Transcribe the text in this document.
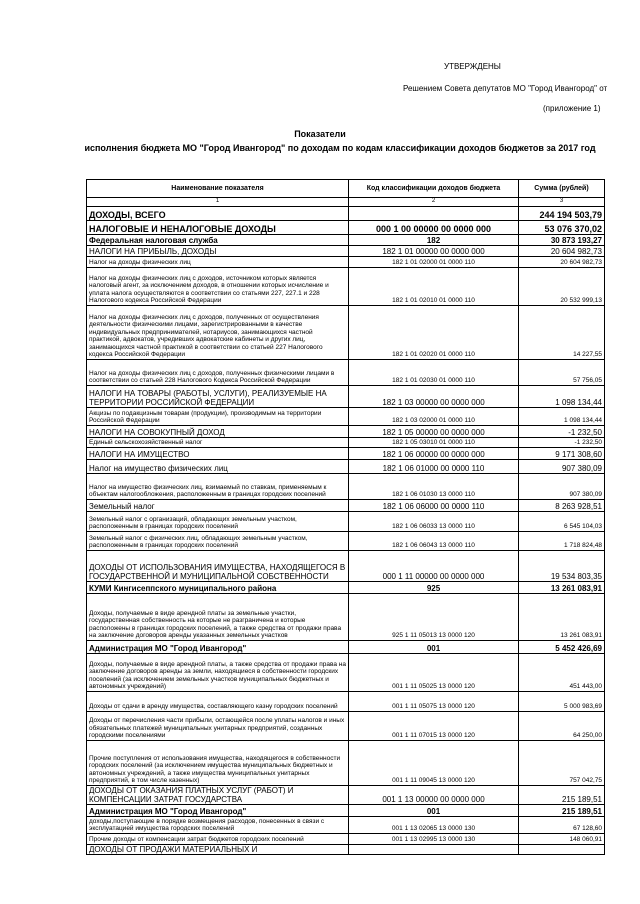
УТВЕРЖДЕНЫ
Решением Совета депутатов МО "Город Ивангород" от
(приложение 1)
Показатели
исполнения бюджета МО "Город Ивангород" по доходам по кодам классификации доходов бюджетов за 2017 год
Наименование показателя	Код классификации доходов бюджета	Сумма (рублей)
1	2	3
ДОХОДЫ, ВСЕГО		244 194 503,79
НАЛОГОВЫЕ И НЕНАЛОГОВЫЕ ДОХОДЫ	000 1 00 00000 00 0000 000	53 076 370,02
Федеральная налоговая служба	182	30 873 193,27
НАЛОГИ НА ПРИБЫЛЬ, ДОХОДЫ	182 1 01 00000 00 0000 000	20 604 982,73
Налог на доходы физических лиц	182 1 01 02000 01 0000 110	20 604 982,73
Налог на доходы физических лиц с доходов, источником которых является налоговый агент, за исключением доходов, в отношении которых исчисление и уплата налога осуществляются в соответствии со статьями 227, 227.1 и 228 Налогового кодекса Российской Федерации	182 1 01 02010 01 0000 110	20 532 999,13
Налог на доходы физических лиц с доходов, полученных от осуществления деятельности физическими лицами, зарегистрированными в качестве индивидуальных предпринимателей, нотариусов, занимающихся частной практикой, адвокатов, учредивших адвокатские кабинеты и других лиц, занимающихся частной практикой в соответствии со статьей 227 Налогового кодекса Российской Федерации	182 1 01 02020 01 0000 110	14 227,55
Налог на доходы физических лиц с доходов, полученных физическими лицами в соответствии со статьей 228 Налогового Кодекса Российской Федерации	182 1 01 02030 01 0000 110	57 756,05
НАЛОГИ НА ТОВАРЫ (РАБОТЫ, УСЛУГИ), РЕАЛИЗУЕМЫЕ НА ТЕРРИТОРИИ РОССИЙСКОЙ ФЕДЕРАЦИИ	182 1 03 00000 00 0000 000	1 098 134,44
Акцизы по подакцизным товарам (продукции), производимым на территории Российской Федерации	182 1 03 02000 01 0000 110	1 098 134,44
НАЛОГИ НА СОВОКУПНЫЙ ДОХОД	182 1 05 00000 00 0000 000	-1 232,50
Единый сельскохозяйственный налог	182 1 05 03010 01 0000 110	-1 232,50
НАЛОГИ НА ИМУЩЕСТВО	182 1 06 00000 00 0000 000	9 171 308,60
Налог на имущество физических лиц	182 1 06 01000 00 0000 110	907 380,09
Налог на имущество физических лиц, взимаемый по ставкам, применяемым к объектам налогообложения, расположенным в границах городских поселений	182 1 06 01030 13 0000 110	907 380,09
Земельный налог	182 1 06 06000 00 0000 110	8 263 928,51
Земельный налог с организаций, обладающих земельным участком, расположенным в границах городских поселений	182 1 06 06033 13 0000 110	6 545 104,03
Земельный налог с физических лиц, обладающих земельным участком, расположенным в границах городских поселений	182 1 06 06043 13 0000 110	1 718 824,48
ДОХОДЫ ОТ ИСПОЛЬЗОВАНИЯ ИМУЩЕСТВА, НАХОДЯЩЕГОСЯ В ГОСУДАРСТВЕННОЙ И МУНИЦИПАЛЬНОЙ СОБСТВЕННОСТИ	000 1 11 00000 00 0000 000	19 534 803,35
КУМИ Кингисеппского муниципального района	925	13 261 083,91
Доходы, получаемые в виде арендной платы за земельные участки, государственная собственность на которые не разграничена и которые расположены в границах городских поселений, а также средства от продажи права на заключение договоров аренды указанных земельных участков	925 1 11 05013 13 0000 120	13 261 083,91
Администрация МО "Город Ивангород"	001	5 452 426,69
Доходы, получаемые в виде арендной платы, а также средства от продажи права на заключение договоров аренды за земли, находящиеся в собственности городских поселений (за исключением земельных участков муниципальных бюджетных и автономных учреждений)	001 1 11 05025 13 0000 120	451 443,00
Доходы от сдачи в аренду имущества, составляющего казну городских поселений	001 1 11 05075 13 0000 120	5 000 983,69
Доходы от перечисления части прибыли, остающейся после уплаты налогов и иных обязательных платежей муниципальных унитарных предприятий, созданных городскими поселениями	001 1 11 07015 13 0000 120	64 250,00
Прочие поступления от использования имущества, находящегося в собственности городских поселений (за исключением имущества муниципальных бюджетных и автономных учреждений, а также имущества муниципальных унитарных предприятий, в том числе казенных)	001 1 11 09045 13 0000 120	757 042,75
ДОХОДЫ ОТ ОКАЗАНИЯ ПЛАТНЫХ УСЛУГ (РАБОТ) И КОМПЕНСАЦИИ ЗАТРАТ ГОСУДАРСТВА	001 1 13 00000 00 0000 000	215 189,51
Администрация МО "Город Ивангород"	001	215 189,51
доходы,поступающие в порядке возмещения расходов, понесенных в связи с эксплуатацией имущества городских поселений	001 1 13 02065 13 0000 130	67 128,60
Прочие доходы от компенсации затрат бюджетов городских поселений	001 1 13 02995 13 0000 130	148 060,91
ДОХОДЫ ОТ ПРОДАЖИ МАТЕРИАЛЬНЫХ И		
